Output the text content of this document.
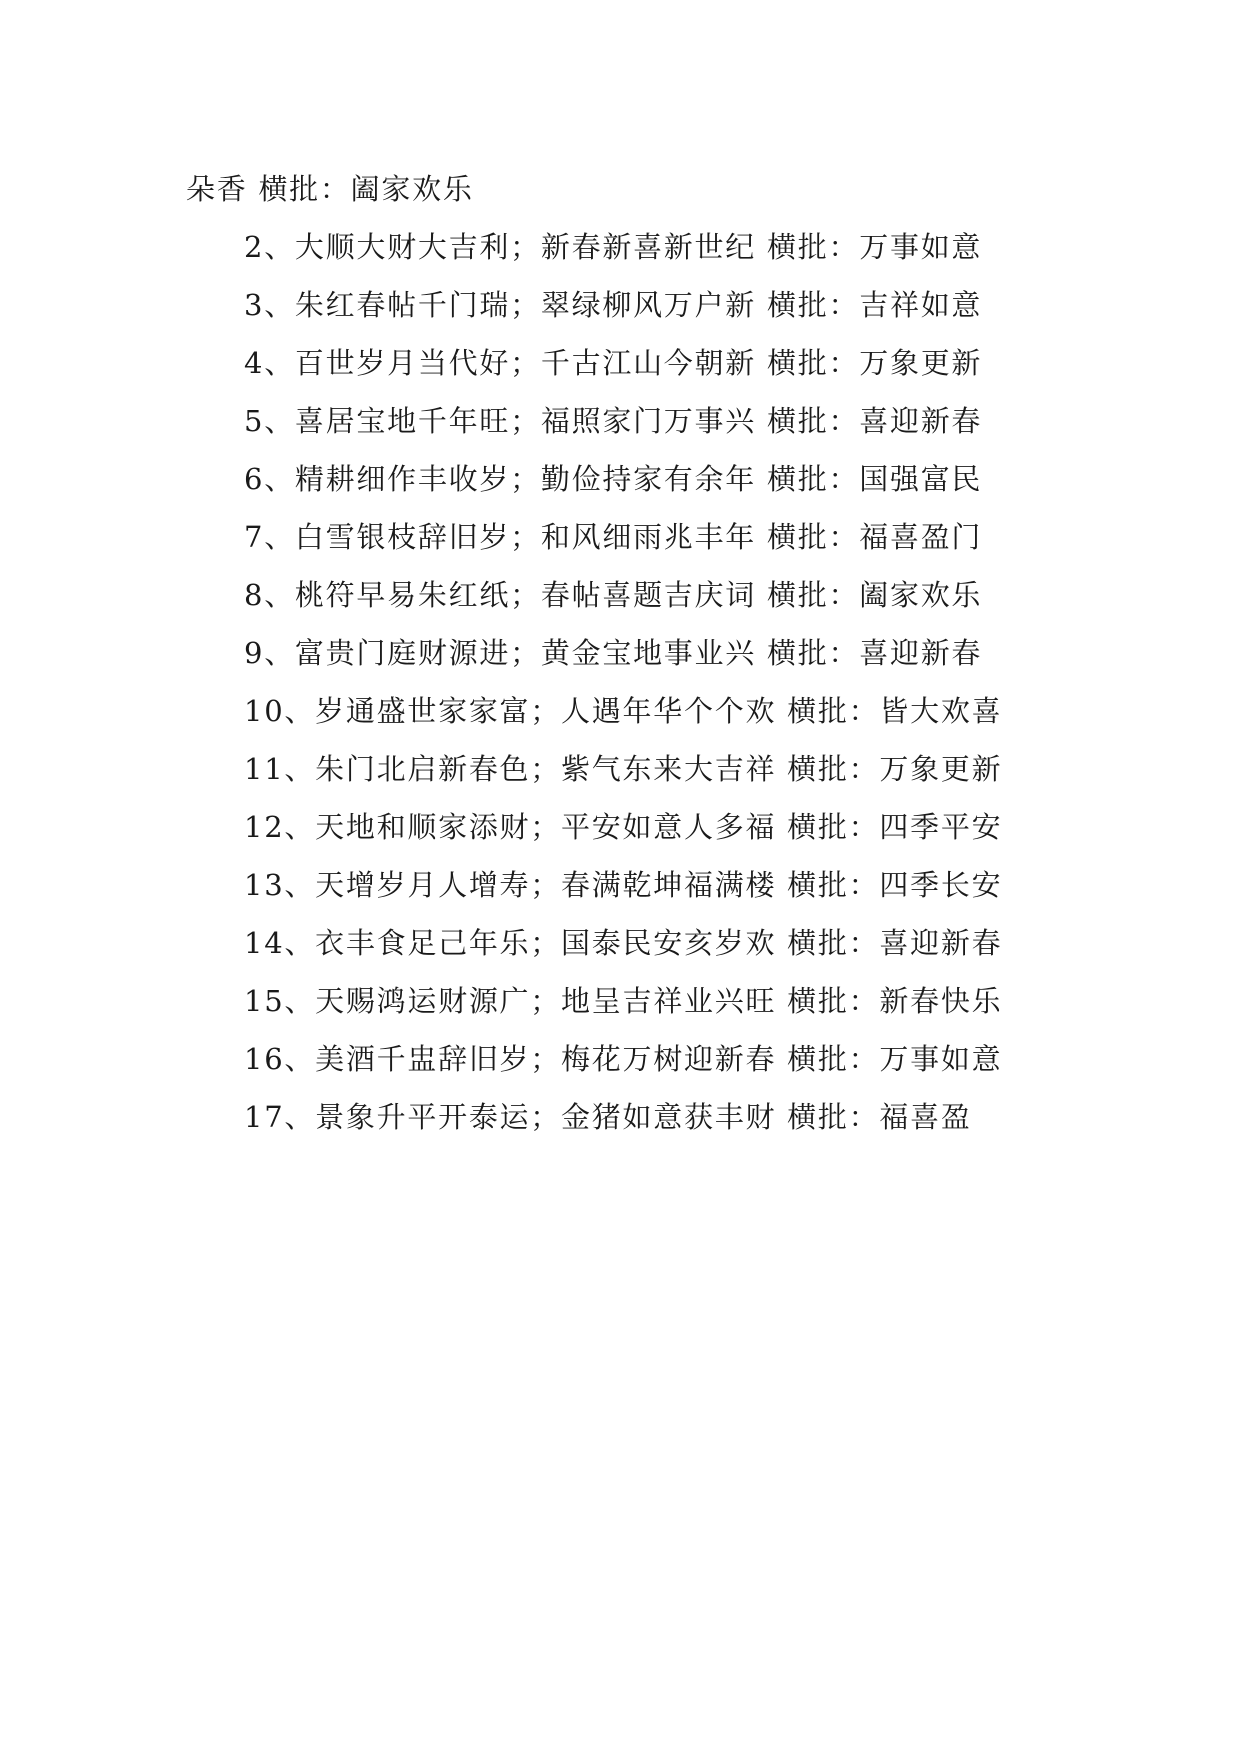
朵香 横批：阖家欢乐

2、大顺大财大吉利；新春新喜新世纪 横批：万事如意

3、朱红春帖千门瑞；翠绿柳风万户新 横批：吉祥如意

4、百世岁月当代好；千古江山今朝新 横批：万象更新

5、喜居宝地千年旺；福照家门万事兴 横批：喜迎新春

6、精耕细作丰收岁；勤俭持家有余年 横批：国强富民

7、白雪银枝辞旧岁；和风细雨兆丰年 横批：福喜盈门

8、桃符早易朱红纸；春帖喜题吉庆词 横批：阖家欢乐

9、富贵门庭财源进；黄金宝地事业兴 横批：喜迎新春

10、岁通盛世家家富；人遇年华个个欢 横批：皆大欢喜

11、朱门北启新春色；紫气东来大吉祥 横批：万象更新

12、天地和顺家添财；平安如意人多福 横批：四季平安

13、天增岁月人增寿；春满乾坤福满楼 横批：四季长安

14、衣丰食足己年乐；国泰民安亥岁欢 横批：喜迎新春

15、天赐鸿运财源广；地呈吉祥业兴旺 横批：新春快乐

16、美酒千盅辞旧岁；梅花万树迎新春 横批：万事如意

17、景象升平开泰运；金猪如意获丰财 横批：福喜盈
